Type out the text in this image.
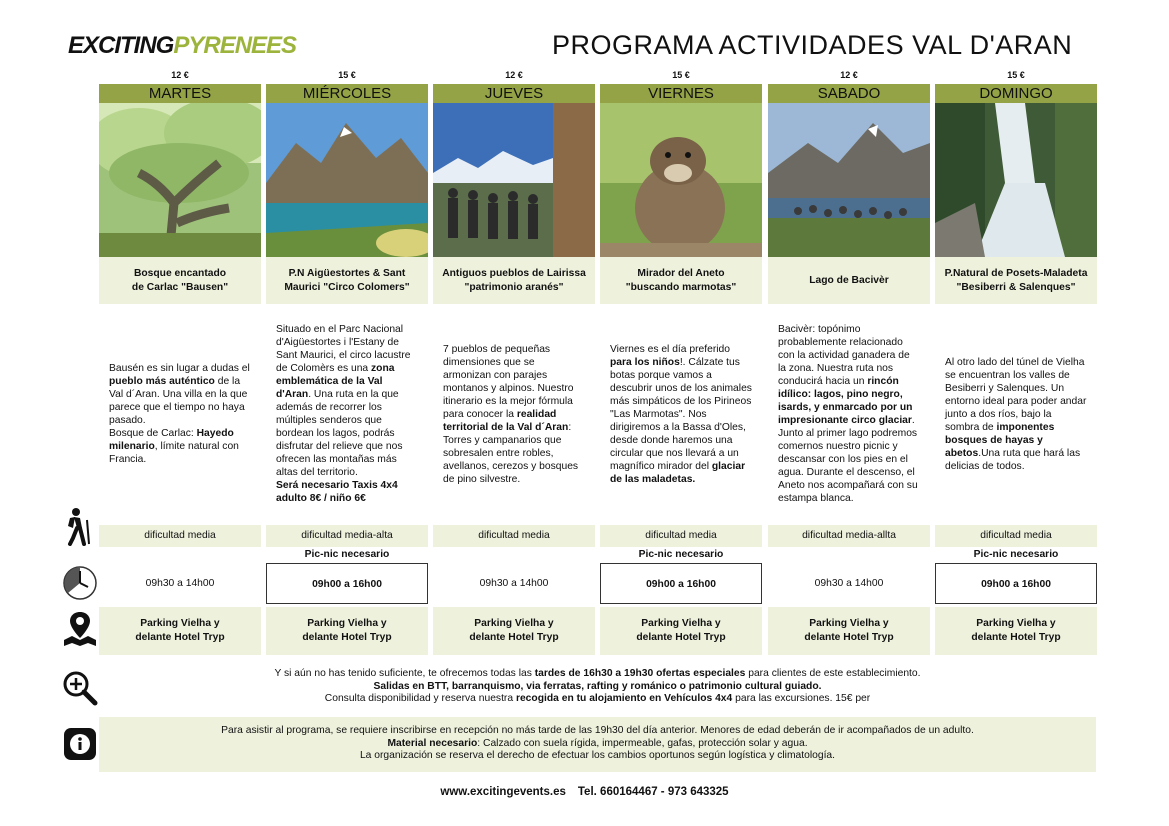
EXCITINGPYRENEES	PROGRAMA ACTIVIDADES VAL D'ARAN
12 €
MARTES
Bosque encantado
de Carlac "Bausen"
Bausén es sin lugar a dudas el pueblo más auténtico de la Val d´Aran. Una villa en la que parece que el tiempo no haya pasado.
Bosque de Carlac: Hayedo milenario, límite natural con Francia.
dificultad media
09h30 a 14h00
Parking Vielha y
delante Hotel Tryp
15 €
MIÉRCOLES
P.N Aigüestortes & Sant
Maurici "Circo Colomers"
Situado en el Parc Nacional d'Aigüestortes i l'Estany de Sant Maurici, el circo lacustre de Colomèrs es una zona emblemática de la Val d'Aran. Una ruta en la que además de recorrer los múltiples senderos que bordean los lagos, podrás disfrutar del relieve que nos ofrecen las montañas más altas del territorio.
Será necesario Taxis 4x4 adulto 8€ / niño 6€
dificultad media-alta
Pic-nic necesario
09h00 a 16h00
Parking Vielha y
delante Hotel Tryp
12 €
JUEVES
Antiguos pueblos de Lairissa
"patrimonio aranés"
7 pueblos de pequeñas dimensiones que se armonizan con parajes montanos y alpinos. Nuestro itinerario es la mejor fórmula para conocer la realidad territorial de la Val d´Aran: Torres y campanarios que sobresalen entre robles, avellanos, cerezos y bosques de pino silvestre.
dificultad media
09h30 a 14h00
Parking Vielha y
delante Hotel Tryp
15 €
VIERNES
Mirador del Aneto
"buscando marmotas"
Viernes es el día preferido para los niños!. Cálzate tus botas porque vamos a descubrir unos de los animales más simpáticos de los Pirineos "Las Marmotas". Nos dirigiremos a la Bassa d'Oles, desde donde haremos una circular que nos llevará a un magnífico mirador del glaciar de las maladetas.
dificultad media
Pic-nic necesario
09h00 a 16h00
Parking Vielha y
delante Hotel Tryp
12 €
SABADO
Lago de Bacivèr
Bacivèr: topónimo probablemente relacionado con la actividad ganadera de la zona. Nuestra ruta nos conducirá hacia un rincón idílico: lagos, pino negro, isards, y enmarcado por un impresionante circo glaciar. Junto al primer lago podremos comernos nuestro picnic y descansar con los pies en el agua. Durante el descenso, el Aneto nos acompañará con su estampa blanca.
dificultad media-allta
09h30 a 14h00
Parking Vielha y
delante Hotel Tryp
15 €
DOMINGO
P.Natural de Posets-Maladeta
"Besiberri & Salenques"
Al otro lado del túnel de Vielha se encuentran los valles de Besiberri y Salenques. Un entorno ideal para poder andar junto a dos ríos, bajo la sombra de imponentes bosques de hayas y abetos.Una ruta que hará las delicias de todos.
dificultad media
Pic-nic necesario
09h00 a 16h00
Parking Vielha y
delante Hotel Tryp
Y si aún no has tenido suficiente, te ofrecemos todas las tardes de 16h30 a 19h30 ofertas especiales para clientes de este establecimiento.
Salidas en BTT, barranquismo, via ferratas, rafting y románico o patrimonio cultural guiado.
Consulta disponibilidad y reserva nuestra recogida en tu alojamiento en Vehículos 4x4 para las excursiones. 15€ per
Para asistir al programa, se requiere inscribirse en recepción no más tarde de las 19h30 del día anterior. Menores de edad deberán de ir acompañados de un adulto.
Material necesario: Calzado con suela rígida, impermeable, gafas, protección solar y agua.
La organización se reserva el derecho de efectuar los cambios oportunos según logística y climatología.
www.excitingevents.es Tel. 660164467 - 973 643325
